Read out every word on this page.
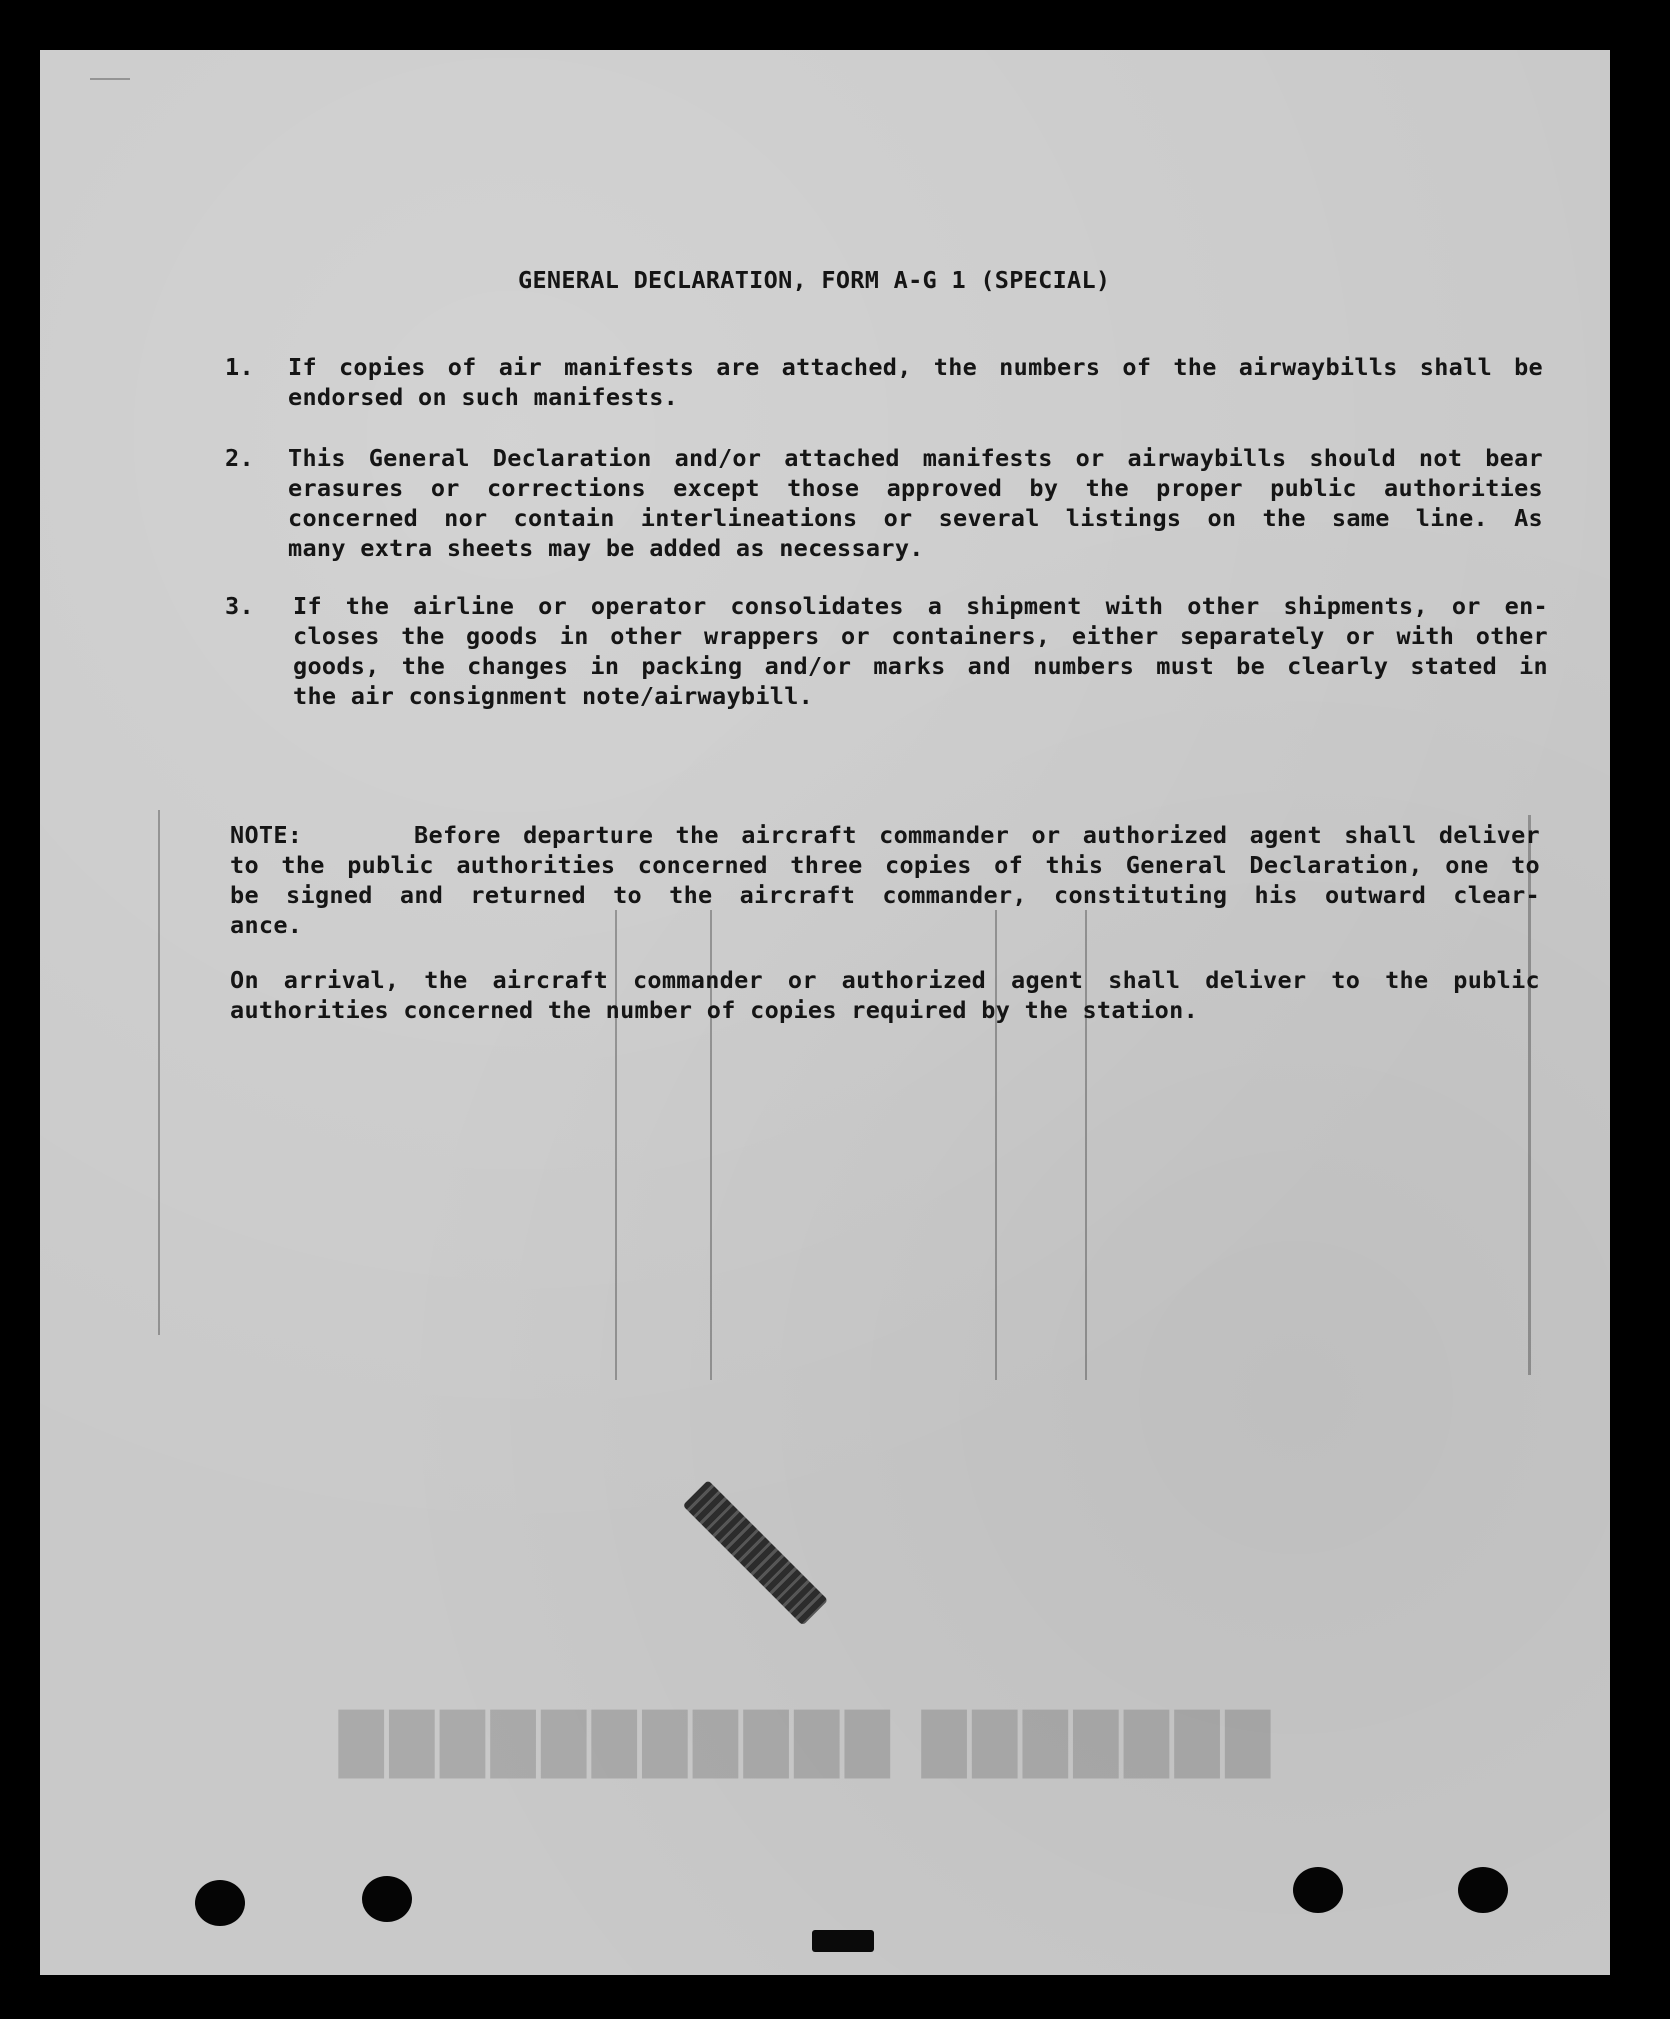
███████ ███████████
GENERAL DECLARATION, FORM A-G 1 (SPECIAL)
1.	If copies of air manifests are attached, the numbers of the airwaybills shall be
endorsed on such manifests.
2.	This General Declaration and/or attached manifests or airwaybills should not bear
erasures or corrections except those approved by the proper public authorities
concerned nor contain interlineations or several listings on the same line. As
many extra sheets may be added as necessary.
3.	If the airline or operator consolidates a shipment with other shipments, or en-
closes the goods in other wrappers or containers, either separately or with other
goods, the changes in packing and/or marks and numbers must be clearly stated in
the air consignment note/airwaybill.
NOTE:     Before departure the aircraft commander or authorized agent shall deliver
to the public authorities concerned three copies of this General Declaration, one to
be signed and returned to the aircraft commander, constituting his outward clear-
ance.
On arrival, the aircraft commander or authorized agent shall deliver to the public
authorities concerned the number of copies required by the station.
